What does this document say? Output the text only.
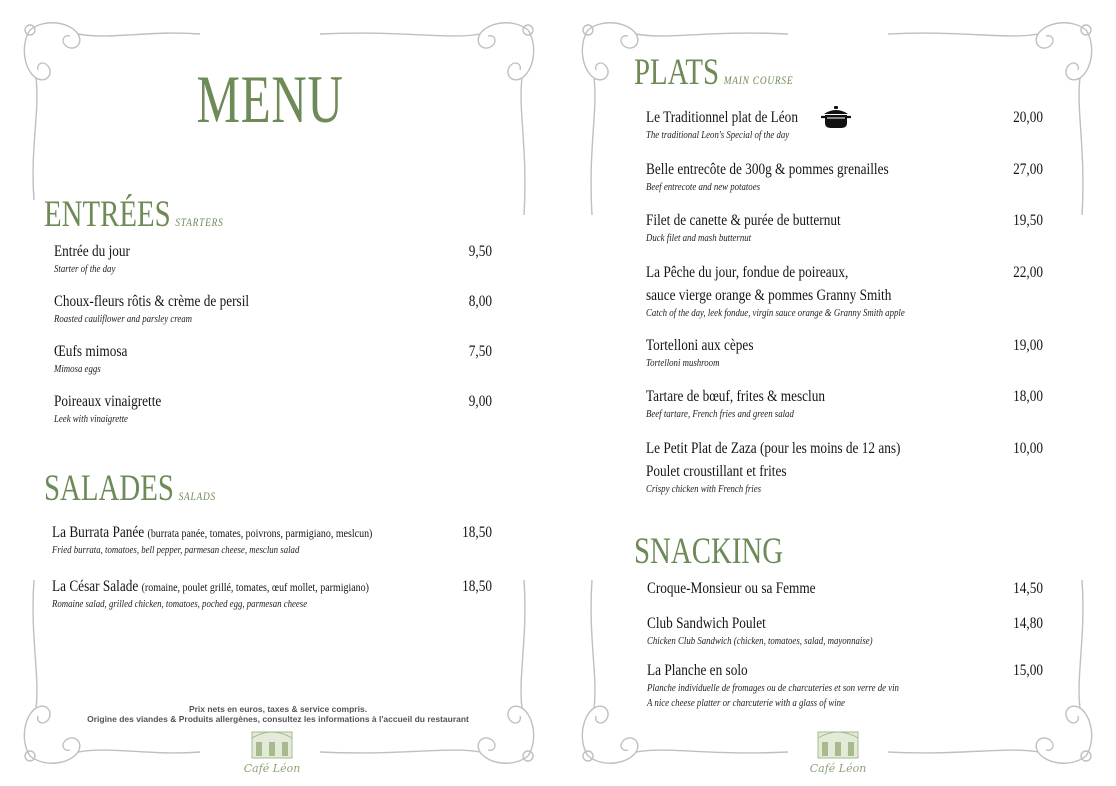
MENU
ENTRÉES STARTERS
Entrée du jour
Starter of the day
9,50
Choux-fleurs rôtis & crème de persil
Roasted cauliflower and parsley cream
8,00
Œufs mimosa
Mimosa eggs
7,50
Poireaux vinaigrette
Leek with vinaigrette
9,00
SALADES SALADS
La Burrata Panée (burrata panée, tomates, poivrons, parmigiano, meslcun)
Fried burrata, tomatoes, bell pepper, parmesan cheese, mesclun salad
18,50
La César Salade (romaine, poulet grillé, tomates, œuf mollet, parmigiano)
Romaine salad, grilled chicken, tomatoes, poched egg, parmesan cheese
18,50
Prix nets en euros, taxes & service compris.
Origine des viandes & Produits allergènes, consultez les informations à l'accueil du restaurant
Café Léon
PLATS MAIN COURSE
Le Traditionnel plat de Léon
The traditional Leon's Special of the day
20,00
Belle entrecôte de 300g & pommes grenailles
Beef entrecote and new potatoes
27,00
Filet de canette & purée de butternut
Duck filet and mash butternut
19,50
La Pêche du jour, fondue de poireaux,
sauce vierge orange & pommes Granny Smith
Catch of the day, leek fondue, virgin sauce orange & Granny Smith apple
22,00
Tortelloni aux cèpes
Tortelloni mushroom
19,00
Tartare de bœuf, frites & mesclun
Beef tartare, French fries and green salad
18,00
Le Petit Plat de Zaza (pour les moins de 12 ans)
Poulet croustillant et frites
Crispy chicken with French fries
10,00
SNACKING
Croque-Monsieur ou sa Femme	14,50
Club Sandwich Poulet
Chicken Club Sandwich (chicken, tomatoes, salad, mayonnaise)
14,80
La Planche en solo
Planche individuelle de fromages ou de charcuteries et son verre de vin
A nice cheese platter or charcuterie with a glass of wine
15,00
Café Léon
